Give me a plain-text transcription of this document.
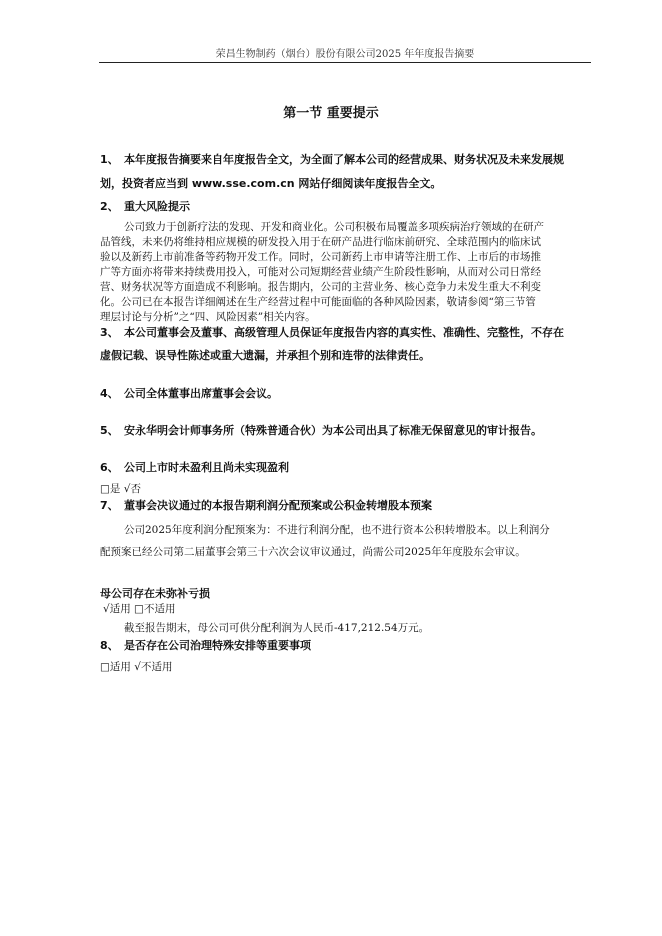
荣昌生物制药（烟台）股份有限公司2025 年年度报告摘要
第一节 重要提示
1、 本年度报告摘要来自年度报告全文，为全面了解本公司的经营成果、财务状况及未来发展规
划，投资者应当到 www.sse.com.cn 网站仔细阅读年度报告全文。
2、 重大风险提示
公司致力于创新疗法的发现、开发和商业化。公司积极布局覆盖多项疾病治疗领域的在研产
品管线，未来仍将维持相应规模的研发投入用于在研产品进行临床前研究、全球范围内的临床试
验以及新药上市前准备等药物开发工作。同时，公司新药上市申请等注册工作、上市后的市场推
广等方面亦将带来持续费用投入，可能对公司短期经营业绩产生阶段性影响，从而对公司日常经
营、财务状况等方面造成不利影响。报告期内，公司的主营业务、核心竞争力未发生重大不利变
化。公司已在本报告详细阐述在生产经营过程中可能面临的各种风险因素，敬请参阅“第三节管
理层讨论与分析”之“四、风险因素”相关内容。
3、 本公司董事会及董事、高级管理人员保证年度报告内容的真实性、准确性、完整性，不存在
虚假记载、误导性陈述或重大遗漏，并承担个别和连带的法律责任。
4、 公司全体董事出席董事会会议。
5、 安永华明会计师事务所（特殊普通合伙）为本公司出具了标准无保留意见的审计报告。
6、 公司上市时未盈利且尚未实现盈利
□是 √否
7、 董事会决议通过的本报告期利润分配预案或公积金转增股本预案
公司2025年度利润分配预案为：不进行利润分配，也不进行资本公积转增股本。以上利润分
配预案已经公司第二届董事会第三十六次会议审议通过，尚需公司2025年年度股东会审议。
母公司存在未弥补亏损
√适用 □不适用
截至报告期末，母公司可供分配利润为人民币-417,212.54万元。
8、 是否存在公司治理特殊安排等重要事项
□适用 √不适用
